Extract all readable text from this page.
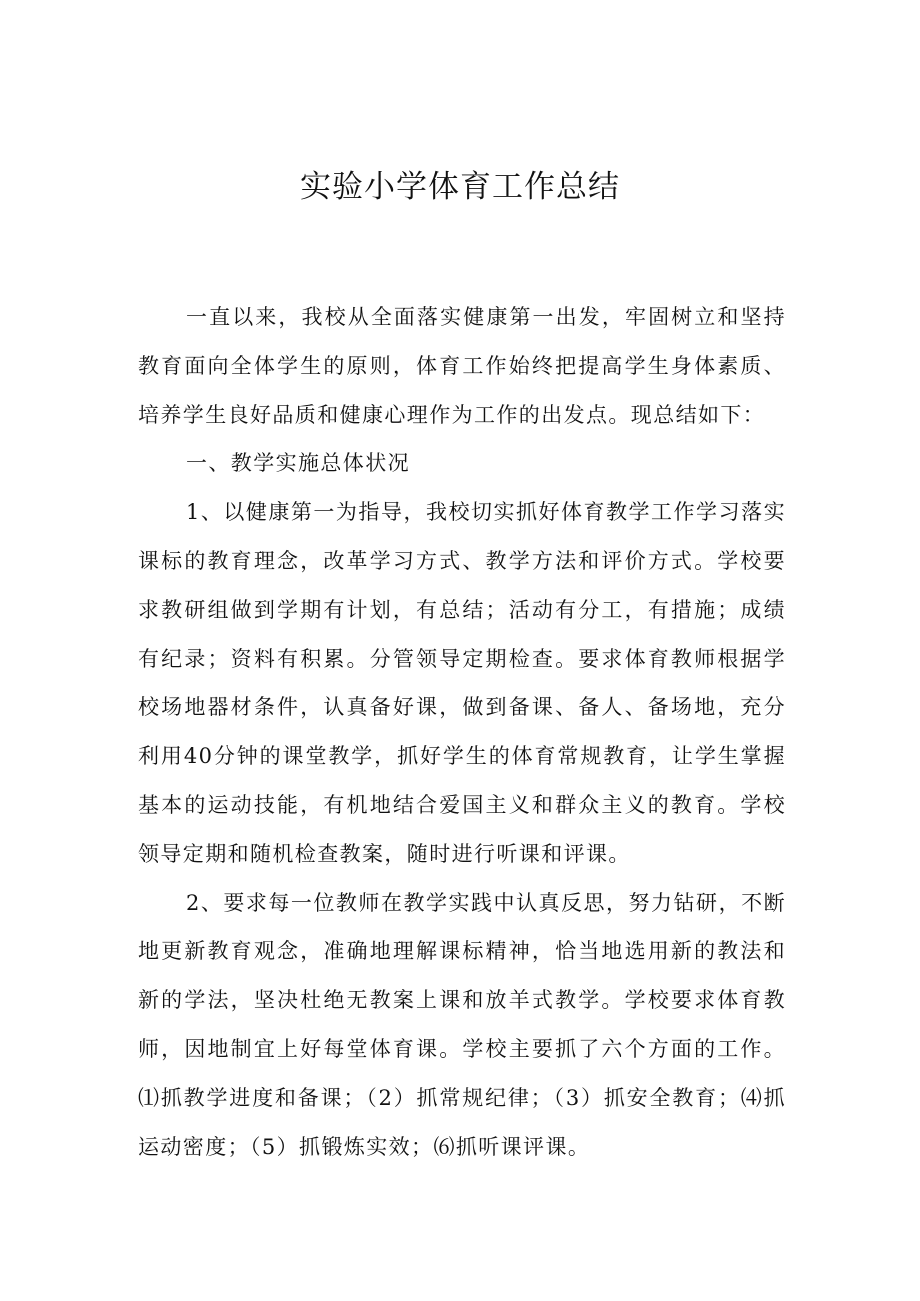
实验小学体育工作总结

一直以来，我校从全面落实健康第一出发，牢固树立和坚持教育面向全体学生的原则，体育工作始终把提高学生身体素质、培养学生良好品质和健康心理作为工作的出发点。现总结如下：

一、教学实施总体状况

1、以健康第一为指导，我校切实抓好体育教学工作学习落实课标的教育理念，改革学习方式、教学方法和评价方式。学校要求教研组做到学期有计划，有总结；活动有分工，有措施；成绩有纪录；资料有积累。分管领导定期检查。要求体育教师根据学校场地器材条件，认真备好课，做到备课、备人、备场地，充分利用40分钟的课堂教学，抓好学生的体育常规教育，让学生掌握基本的运动技能，有机地结合爱国主义和群众主义的教育。学校领导定期和随机检查教案，随时进行听课和评课。

2、要求每一位教师在教学实践中认真反思，努力钻研，不断地更新教育观念，准确地理解课标精神，恰当地选用新的教法和新的学法，坚决杜绝无教案上课和放羊式教学。学校要求体育教师，因地制宜上好每堂体育课。学校主要抓了六个方面的工作。⑴抓教学进度和备课；（2）抓常规纪律；（3）抓安全教育；⑷抓运动密度；（5）抓锻炼实效；⑹抓听课评课。
